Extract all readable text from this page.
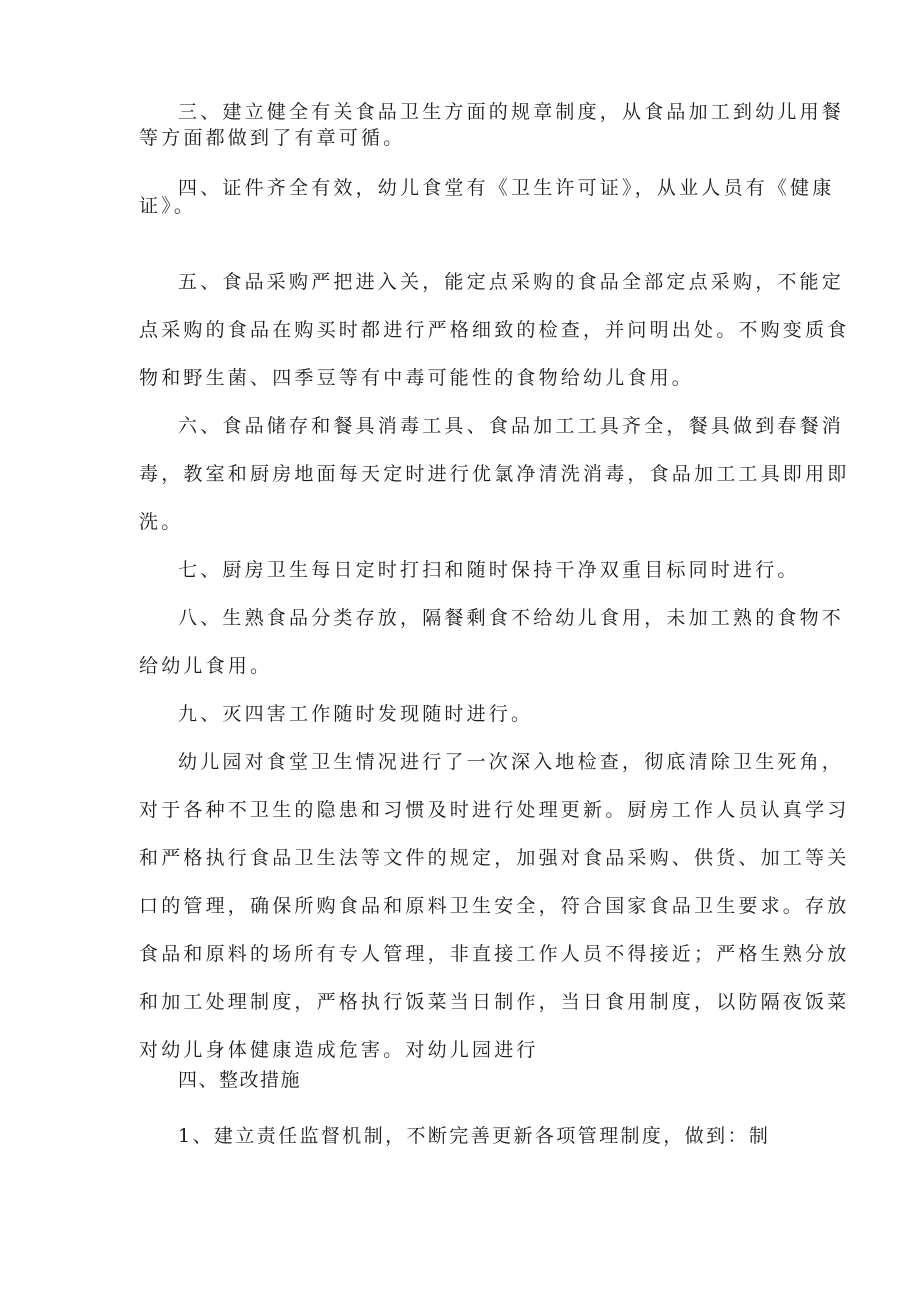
三、建立健全有关食品卫生方面的规章制度，从食品加工到幼儿用餐
等方面都做到了有章可循。
四、证件齐全有效，幼儿食堂有《卫生许可证》，从业人员有《健康
证》。
五、食品采购严把进入关，能定点采购的食品全部定点采购，不能定
点采购的食品在购买时都进行严格细致的检查，并问明出处。不购变质食
物和野生菌、四季豆等有中毒可能性的食物给幼儿食用。
六、食品储存和餐具消毒工具、食品加工工具齐全，餐具做到春餐消
毒，教室和厨房地面每天定时进行优氯净清洗消毒，食品加工工具即用即
洗。
七、厨房卫生每日定时打扫和随时保持干净双重目标同时进行。
八、生熟食品分类存放，隔餐剩食不给幼儿食用，未加工熟的食物不
给幼儿食用。
九、灭四害工作随时发现随时进行。
幼儿园对食堂卫生情况进行了一次深入地检查，彻底清除卫生死角，
对于各种不卫生的隐患和习惯及时进行处理更新。厨房工作人员认真学习
和严格执行食品卫生法等文件的规定，加强对食品采购、供货、加工等关
口的管理，确保所购食品和原料卫生安全，符合国家食品卫生要求。存放
食品和原料的场所有专人管理，非直接工作人员不得接近；严格生熟分放
和加工处理制度，严格执行饭菜当日制作，当日食用制度，以防隔夜饭菜
对幼儿身体健康造成危害。对幼儿园进行
四、整改措施
1、建立责任监督机制，不断完善更新各项管理制度，做到：制
